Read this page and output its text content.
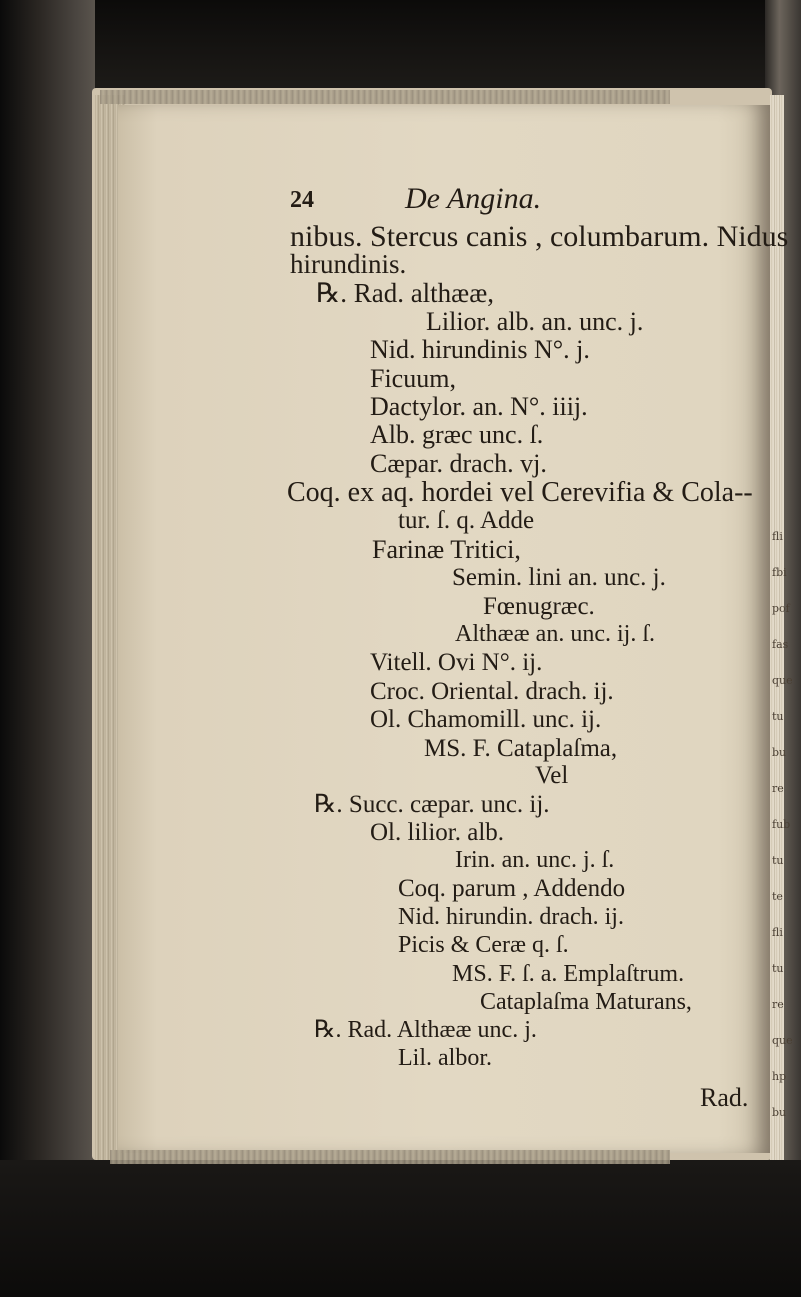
fli
fbi
pof
fas
que
tu
bu
re
fub
tu
te
fli
tu
re
que
hp
bu
24	De Angina.
nibus. Stercus canis , columbarum. Nidus
hirundinis.
℞. Rad. althææ,
Lilior. alb. an. unc. j.
Nid. hirundinis N°. j.
Ficuum,
Dactylor. an. N°. iiij.
Alb. græc unc. ſ.
Cæpar. drach. vj.
Coq. ex aq. hordei vel Cerevifia & Cola--
tur. ſ. q. Adde
Farinæ Tritici,
Semin. lini an. unc. j.
Fœnugræc.
Althææ an. unc. ij. ſ.
Vitell. Ovi N°. ij.
Croc. Oriental. drach. ij.
Ol. Chamomill. unc. ij.
MS. F. Cataplaſma,
Vel
℞. Succ. cæpar. unc. ij.
Ol. lilior. alb.
Irin. an. unc. j. ſ.
Coq. parum , Addendo
Nid. hirundin. drach. ij.
Picis & Ceræ q. ſ.
MS. F. ſ. a. Emplaſtrum.
Cataplaſma Maturans,
Rad.
℞. Rad. Althææ unc. j.
Lil. albor.
